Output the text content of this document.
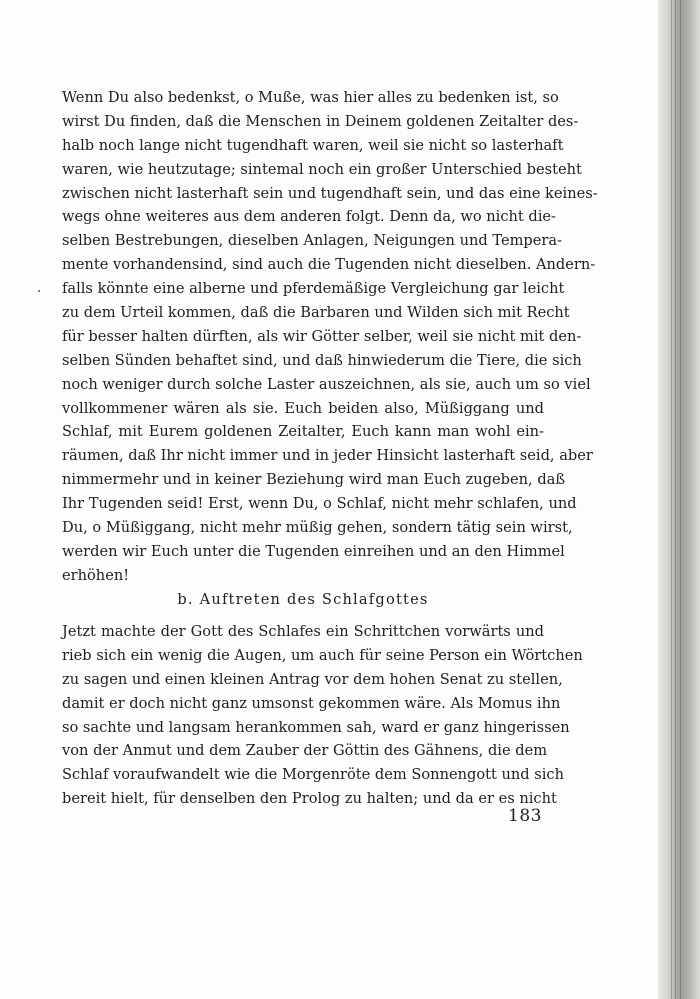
Wenn Du also bedenkst, o Muße, was hier alles zu bedenken ist, so
wirst Du finden, daß die Menschen in Deinem goldenen Zeitalter des-
halb noch lange nicht tugendhaft waren, weil sie nicht so lasterhaft
waren, wie heutzutage; sintemal noch ein großer Unterschied besteht
zwischen nicht lasterhaft sein und tugendhaft sein, und das eine keines-
wegs ohne weiteres aus dem anderen folgt. Denn da, wo nicht die-
selben Bestrebungen, dieselben Anlagen, Neigungen und Tempera-
mente vorhandensind, sind auch die Tugenden nicht dieselben. Andern-
falls könnte eine alberne und pferdemäßige Vergleichung gar leicht
zu dem Urteil kommen, daß die Barbaren und Wilden sich mit Recht
für besser halten dürften, als wir Götter selber, weil sie nicht mit den-
selben Sünden behaftet sind, und daß hinwiederum die Tiere, die sich
noch weniger durch solche Laster auszeichnen, als sie, auch um so viel
vollkommener wären als sie. Euch beiden also, Müßiggang und
Schlaf, mit Eurem goldenen Zeitalter, Euch kann man wohl ein-
räumen, daß Ihr nicht immer und in jeder Hinsicht lasterhaft seid, aber
nimmermehr und in keiner Beziehung wird man Euch zugeben, daß
Ihr Tugenden seid! Erst, wenn Du, o Schlaf, nicht mehr schlafen, und
Du, o Müßiggang, nicht mehr müßig gehen, sondern tätig sein wirst,
werden wir Euch unter die Tugenden einreihen und an den Himmel
erhöhen!
b. Auftreten des Schlafgottes
Jetzt machte der Gott des Schlafes ein Schrittchen vorwärts und
rieb sich ein wenig die Augen, um auch für seine Person ein Wörtchen
zu sagen und einen kleinen Antrag vor dem hohen Senat zu stellen,
damit er doch nicht ganz umsonst gekommen wäre. Als Momus ihn
so sachte und langsam herankommen sah, ward er ganz hingerissen
von der Anmut und dem Zauber der Göttin des Gähnens, die dem
Schlaf voraufwandelt wie die Morgenröte dem Sonnengott und sich
bereit hielt, für denselben den Prolog zu halten; und da er es nicht
183
